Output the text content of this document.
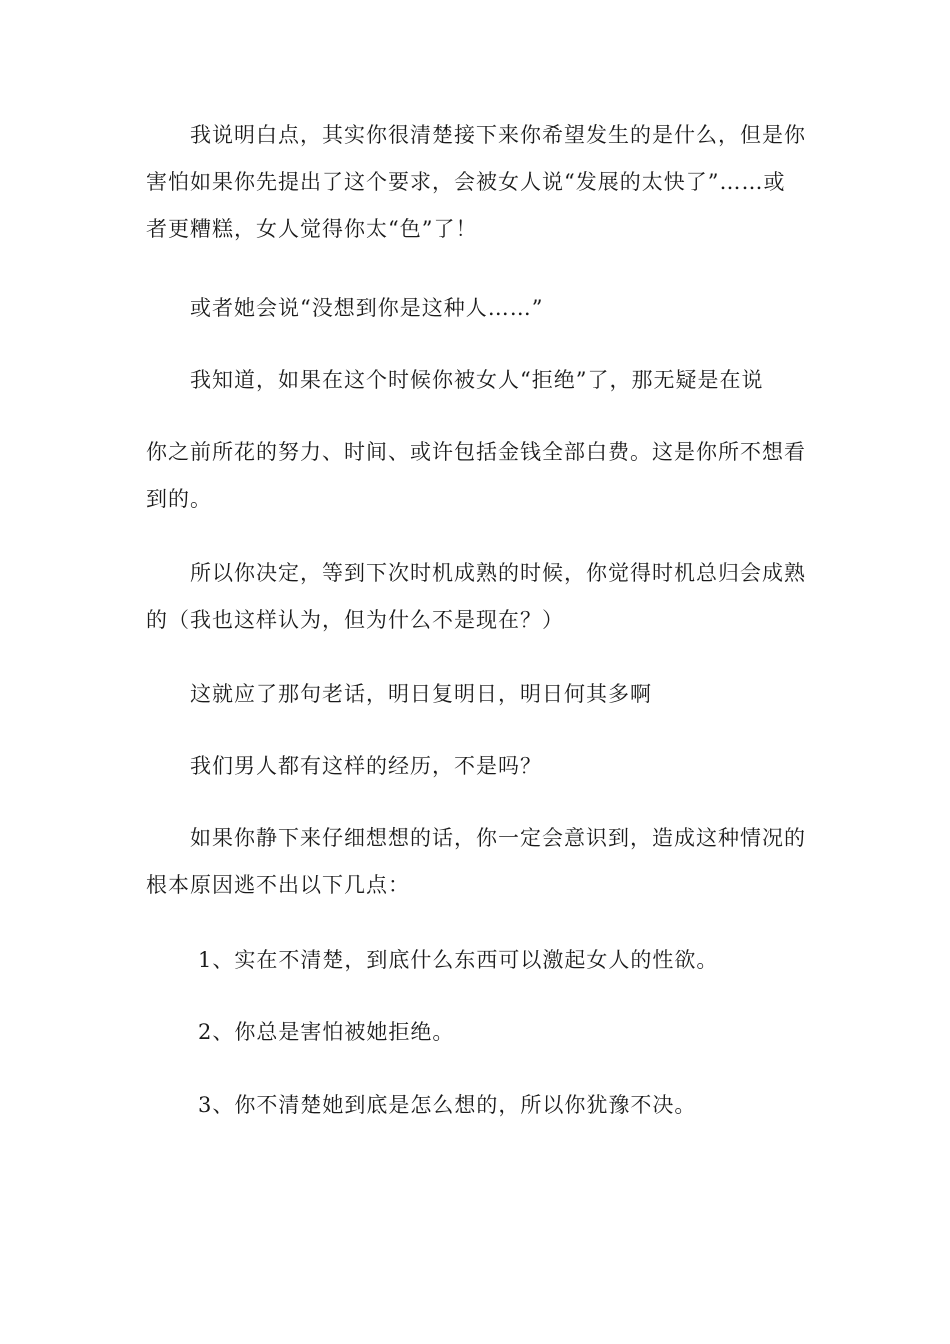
我说明白点，其实你很清楚接下来你希望发生的是什么，但是你
害怕如果你先提出了这个要求，会被女人说“发展的太快了”……或
者更糟糕，女人觉得你太“色”了！
或者她会说“没想到你是这种人……”
我知道，如果在这个时候你被女人“拒绝”了，那无疑是在说
你之前所花的努力、时间、或许包括金钱全部白费。这是你所不想看
到的。
所以你决定，等到下次时机成熟的时候，你觉得时机总归会成熟
的（我也这样认为，但为什么不是现在？）
这就应了那句老话，明日复明日，明日何其多啊
我们男人都有这样的经历，不是吗？
如果你静下来仔细想想的话，你一定会意识到，造成这种情况的
根本原因逃不出以下几点：
1、实在不清楚，到底什么东西可以激起女人的性欲。
2、你总是害怕被她拒绝。
3、你不清楚她到底是怎么想的，所以你犹豫不决。
